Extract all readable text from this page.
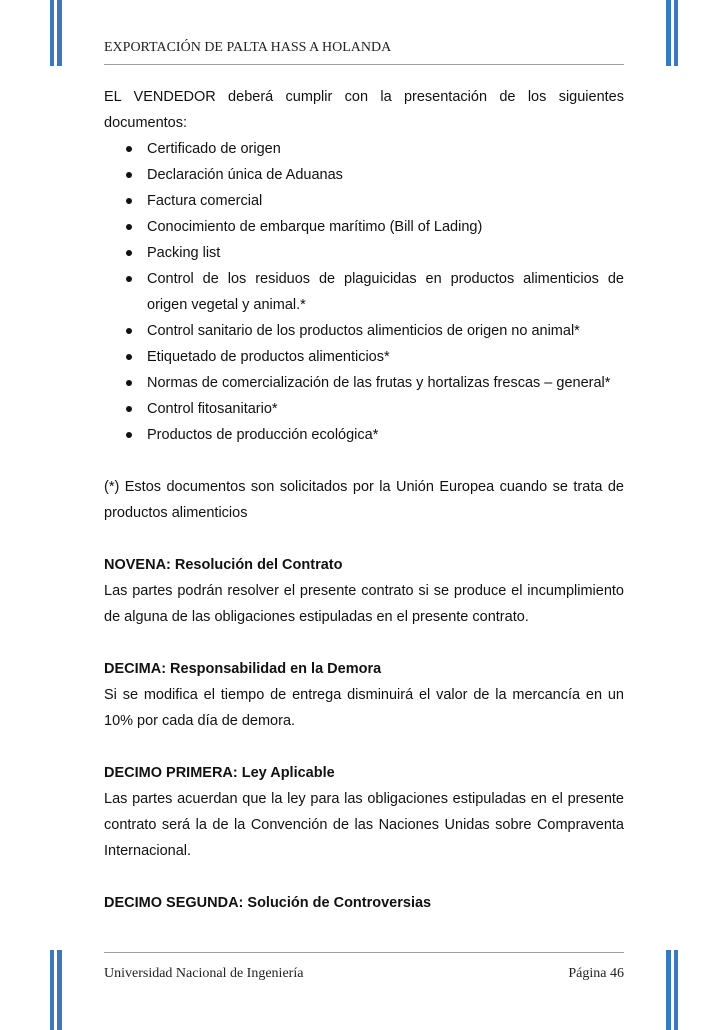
EXPORTACIÓN DE PALTA HASS A HOLANDA

EL VENDEDOR deberá cumplir con la presentación de los siguientes documentos:

Certificado de origen
Declaración única de Aduanas
Factura comercial
Conocimiento de embarque marítimo (Bill of Lading)
Packing list
Control de los residuos de plaguicidas en productos alimenticios de origen vegetal y animal.*
Control sanitario de los productos alimenticios de origen no animal*
Etiquetado de productos alimenticios*
Normas de comercialización de las frutas y hortalizas frescas – general*
Control fitosanitario*
Productos de producción ecológica*

(*) Estos documentos son solicitados por la Unión Europea cuando se trata de productos alimenticios

NOVENA: Resolución del Contrato

Las partes podrán resolver el presente contrato si se produce el incumplimiento de alguna de las obligaciones estipuladas en el presente contrato.

DECIMA: Responsabilidad en la Demora

Si se modifica el tiempo de entrega disminuirá el valor de la mercancía en un 10% por cada día de demora.

DECIMO PRIMERA: Ley Aplicable

Las partes acuerdan que la ley para las obligaciones estipuladas en el presente contrato será la de la Convención de las Naciones Unidas sobre Compraventa Internacional.

DECIMO SEGUNDA: Solución de Controversias

Universidad Nacional de Ingeniería	Página 46
